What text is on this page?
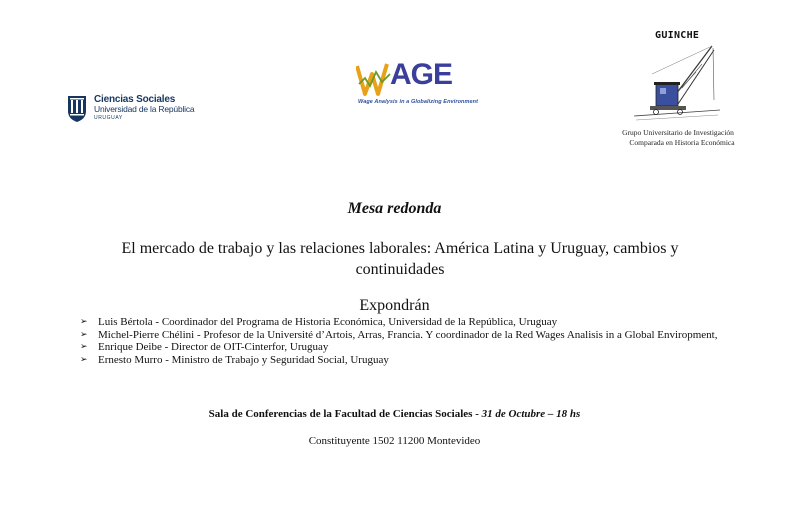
Ciencias Sociales
Universidad de la República
URUGUAY
AGE
Wage Analysis in a Globalizing Environment
GUINCHE
Grupo Universitario de Investigación
Comparada en Historia Económica
Mesa redonda
El mercado de trabajo y las relaciones laborales: América Latina y Uruguay, cambios y continuidades
Expondrán
➢ Luis Bértola - Coordinador del Programa de Historia Económica, Universidad de la República, Uruguay
➢ Michel-Pierre Chélini - Profesor de la Université d’Artois, Arras, Francia. Y coordinador de la Red Wages Analisis in a Global Enviropment,
➢ Enrique Deibe - Director de OIT-Cinterfor, Uruguay
➢ Ernesto Murro - Ministro de Trabajo y Seguridad Social, Uruguay
Sala de Conferencias de la Facultad de Ciencias Sociales - 31 de Octubre – 18 hs
Constituyente 1502 11200 Montevideo
